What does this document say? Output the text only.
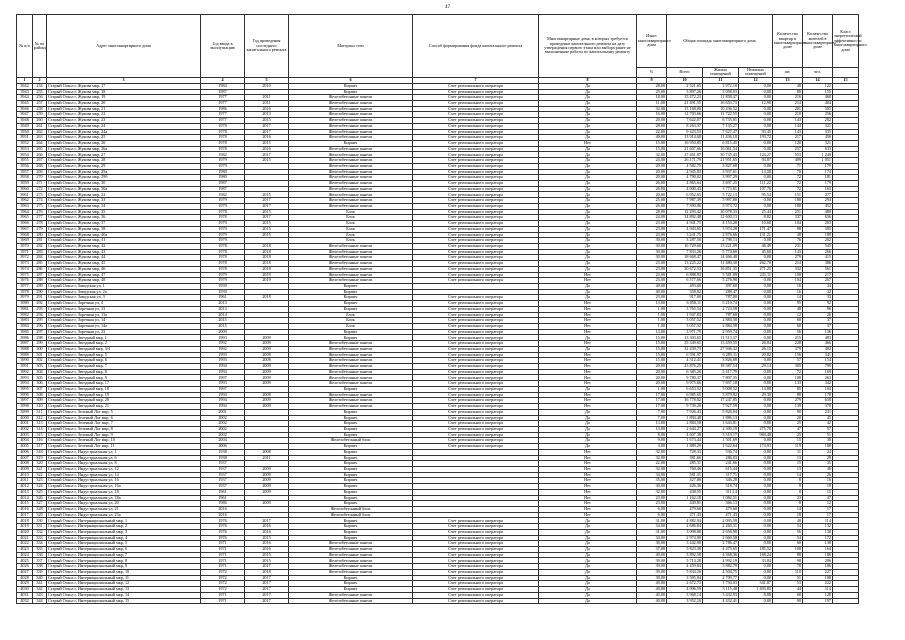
47
№ п/п	№ по району	Адрес многоквартирного дома	Год ввода в эксплуатацию	Год проведения последнего капитального ремонта	Материал стен	Способ формирования фонда капитального ремонта	Многоквартирные дома, в которых требуется проведение капитального ремонта на дату утверждения первого этапа или выбора ранее не выполненные работы по капитальному ремонту	Износ многоквартирного дома	Общая площадь многоквартирного дома			Количество квартир в многоквартирном доме	Количество жителей в многоквартирном доме	Класс энергетической эффективности многоквартирного дома
								%	Всего	Жилых помещений	Нежилых помещений	шт.	чел.	
1	2	3	4	5	6	7	8	9	10	11	12	13	14	15
3942	254	Старый Оскол г, Жукова мкр, 17	1984	2010	Кирпич	Счет регионального оператора	Да	28,00	2 521,65	1 972,10	0,00	48	122	
3943	255	Старый Оскол г, Жукова мкр, 18	1987		Кирпич	Счет регионального оператора	Да	25,00	3 897,26	3 058,03	0,00	80	155	
3944	256	Старый Оскол г, Жукова мкр, 19	1977	2011	Железобетонные панели	Счет регионального оператора	Да	18,00	15 472,23	11 858,47	0,00	216	468	
3945	257	Старый Оскол г, Жукова мкр, 20	1977	2011	Железобетонные панели	Счет регионального оператора	Да	11,00	21 491,55	16 653,73	12,90	214	404	
3946	258	Старый Оскол г, Жукова мкр, 21	1986	2016	Железобетонные панели	Счет регионального оператора	Да	32,00	13 168,00	10 436,52	0,00	201	505	
3947	259	Старый Оскол г, Жукова мкр, 22	1977	2013	Железобетонные панели	Счет регионального оператора	Да	16,00	12 703,66	11 722,55	0,00	210	256	
3948	260	Старый Оскол г, Жукова мкр, 23	1977	2015	Железобетонные панели	Счет регионального оператора	Да	20,00	7 622,07	6 735,01	0,00	143	282	
3949	261	Старый Оскол г, Жукова мкр, 24	1978	2017	Железобетонные панели	Счет регионального оператора	Да	28,00	8 263,37	7 135,27	0,00	144	321	
3950	262	Старый Оскол г, Жукова мкр, 24а	1978	2017	Железобетонные панели	Счет регионального оператора	Да	22,00	9 423,53	7 627,47	93,45	143	335	
3951	263	Старый Оскол г, Жукова мкр, 25	1978	2016	Железобетонные панели	Счет регионального оператора	Да	40,00	13 914,68	11 436,18	193,72	217	456	
3952	264	Старый Оскол г, Жукова мкр, 26	1978	2015	Кирпич	Счет регионального оператора	Нет	15,00	16 950,85	6 815,45	0,00	120	321	
3953	265	Старый Оскол г, Жукова мкр, 26а	1978	2016	Железобетонные панели	Счет регионального оператора	Да	15,00	21 607,66	16 061,54	0,00	257	633	
3954	266	Старый Оскол г, Жукова мкр, 27	1982	2017	Железобетонные панели	Счет регионального оператора	Да	32,00	37 461,87	30 735,43	124,27	553	1 240	
3955	267	Старый Оскол г, Жукова мкр, 28	1979	2015	Железобетонные панели	Счет регионального оператора	Да	24,00	26 171,79	21 951,65	94,87	409	1 051	
3956	268	Старый Оскол г, Жукова мкр, 29	1979		Железобетонные панели	Счет регионального оператора	Да	20,00	4 582,75	3 827,68	0,00	71	179	
3957	269	Старый Оскол г, Жукова мкр, 29а	1980		Железобетонные панели	Счет регионального оператора	Да	20,00	4 945,83	3 937,61	14,58	70	174	
3958	270	Старый Оскол г, Жукова мкр, 29б	1980		Железобетонные панели	Счет регионального оператора	Да	20,00	4 790,02	3 997,29	0,00	72	181	
3959	271	Старый Оскол г, Жукова мкр, 30	1987		Железобетонные панели	Счет регионального оператора	Да	26,00	4 865,64	3 697,25	111,22	72	179	
3960	272	Старый Оскол г, Жукова мкр, 30а	1987		Железобетонные панели	Счет регионального оператора	Да	26,00	4 900,43	3 773,81	107,76	72	163	
3961	273	Старый Оскол г, Жукова мкр, 32	1982	2015	Железобетонные панели	Счет регионального оператора	Да	20,00	6 952,65	5 722,13	95,54	151	277	
3962	274	Старый Оскол г, Жукова мкр, 33	1979	2017	Железобетонные панели	Счет регионального оператора	Да	25,00	7 987,39	5 997,80	0,00	180	294	
3963	275	Старый Оскол г, Жукова мкр, 34	1979	2017	Железобетонные панели	Счет регионального оператора	Да	26,00	7 390,96	5 973,72	0,00	180	452	
3964	276	Старый Оскол г, Жукова мкр, 35	1978	2015	Блок	Счет регионального оператора	Да	28,00	12 293,42	10 078,33	25,44	251	480	
3965	277	Старый Оскол г, Жукова мкр, 36	1978	2017	Блок	Счет регионального оператора	Да	24,00	14 892,48	12 600,13	8,82	337	656	
3966	278	Старый Оскол г, Жукова мкр, 37	1979	2015	Блок	Счет регионального оператора	Да	23,00	4 941,75	4 153,28	10,68	104	203	
3967	279	Старый Оскол г, Жукова мкр, 38	1979	2015	Блок	Счет регионального оператора	Да	23,00	4 943,65	3 974,28	171,47	98	305	
3968	280	Старый Оскол г, Жукова мкр, 40а	1979	2015	Блок	Счет регионального оператора	Да	23,00	3 241,75	2 876,66	131,21	48	189	
3969	281	Старый Оскол г, Жукова мкр, 41	1979		Блок	Счет регионального оператора	Да	30,00	3 287,50	2 798,13	0,00	76	202	
3970	282	Старый Оскол г, Жукова мкр, 42	1978	2018	Железобетонные панели	Счет регионального оператора	Да	30,00	16 729,60	13 221,09	46,49	231	545	
3971	283	Старый Оскол г, Жукова мкр, 43	1978	2018	Железобетонные панели	Счет регионального оператора	Да	30,00	7 833,26	5 774,68	45,60	143	266	
3972	284	Старый Оскол г, Жукова мкр, 44	1978	2018	Железобетонные панели	Счет регионального оператора	Да	30,00	18 668,47	14 466,48	0,00	279	415	
3973	285	Старый Оскол г, Жукова мкр, 45	1978	2018	Железобетонные панели	Счет регионального оператора	Да	23,00	13 225,22	11 480,30	262,70	214	386	
3974	286	Старый Оскол г, Жукова мкр, 46	1978	2018	Железобетонные панели	Счет регионального оператора	Да	23,00	20 672,53	16 851,35	271,25	332	561	
3975	287	Старый Оскол г, Жукова мкр, 47	1979	2019	Железобетонные панели	Счет регионального оператора	Нет	23,00	6 888,93	5 581,09	241,11	100	217	
3976	288	Старый Оскол г, Жукова мкр, 48	1979	2019	Железобетонные панели	Счет регионального оператора	Нет	23,00	6 577,66	5 276,98	0,00	104	267	
3977	289	Старый Оскол г, Заводская ул, 1	1939		Кирпич		Да	40,00	493,60	397,60	0,00	16	34	
3978	290	Старый Оскол г, Заводская ул, 2а	1939		Кирпич		Да	40,00	358,02	288,47	0,00	16	32	
3979	291	Старый Оскол г, Заводская ул, 3	1961	2018	Кирпич	Счет регионального оператора	Да	23,00	917,00	787,00	0,00	14	33	
3980	292	Старый Оскол г, Заречная ул, 4	2013		Кирпич	Счет регионального оператора	Нет	13,00	6 850,11	5 210,74	0,00	95	92	
3981	293	Старый Оскол г, Заречная ул, 13	2013		Кирпич	Счет регионального оператора	Нет	1,00	3 765,54	2 723,58	0,00	48	96	
3982	294	Старый Оскол г, Заречная ул, 13а	2014		Блок	Счет регионального оператора	Нет	1,00	1 947,83	787,60	0,00	12	26	
3983	295	Старый Оскол г, Заречная ул, 14	2015		Блок	Счет регионального оператора	Нет	1,00	3 057,52	2 884,58	0,00	60	37	
3984	296	Старый Оскол г, Заречная ул, 14а	2015		Блок	Счет регионального оператора	Нет	1,00	3 057,52	2 884,58	0,00	60	37	
3985	297	Старый Оскол г, Заречная ул, 23	2009		Кирпич	Счет регионального оператора	Нет	13,00	3 971,79	2 959,74	0,00	56	136	
3986	298	Старый Оскол г, Звездный мкр, 1	1993	2009	Кирпич	Счет регионального оператора	Да	15,00	13 303,65	11 513,37	0,00	215	483	
3987	299	Старый Оскол г, Звездный мкр, 2	1992	2009	Железобетонные панели	Счет регионального оператора	Нет	15,00	35 349,65	13 459,55	26,84	228	466	
3988	300	Старый Оскол г, Звездный мкр, 3/4	1992	2009	Железобетонные панели	Счет регионального оператора	Да	15,00	32 439,73	27 946,32	26,15	379	402	
3989	301	Старый Оскол г, Звездный мкр, 5	1993	2008	Железобетонные панели	Счет регионального оператора	Нет	15,00	6 591,97	6 285,11	20,82	156	341	
3990	302	Старый Оскол г, Звездный мкр, 6	1993	2008	Железобетонные панели	Счет регионального оператора	Нет	15,00	4 312,41	3 826,08	0,00	57	154	
3991	303	Старый Оскол г, Звездный мкр, 7	1994	2009	Железобетонные панели	Счет регионального оператора	Нет	20,00	23 876,25	18 587,54	29,14	305	799	
3992	304	Старый Оскол г, Звездный мкр, 8	1994	2009	Железобетонные панели	Счет регионального оператора	Нет	20,00	6 385,26	5 417,79	0,00	72	169	
3993	305	Старый Оскол г, Звездный мкр, 9	1997	2009	Железобетонные панели	Счет регионального оператора	Нет	20,00	9 780,37	7 807,35	0,00	108	263	
3994	306	Старый Оскол г, Звездный мкр, 17	1993	2009	Железобетонные панели	Счет регионального оператора	Нет	20,00	9 975,66	7 697,18	0,00	133	342	
3995	307	Старый Оскол г, Звездный мкр, 18	1997		Кирпич	Счет регионального оператора	Да	1,00	6 653,52	5 008,52	14,88	85	104	
3996	308	Старый Оскол г, Звездный мкр, 19	1994	2008	Железобетонные панели	Счет регионального оператора	Нет	17,00	6 985,65	5 879,82	29,30	88	178	
3997	309	Старый Оскол г, Звездный мкр, 20	1994	2009	Железобетонные панели	Счет регионального оператора	Нет	17,00	16 778,82	17 247,85	0,00	279	658	
3998	310	Старый Оскол г, Звездный мкр, 21	1994	2009	Железобетонные панели	Счет регионального оператора	Нет	17,00	9 739,20	7 927,59	0,00	139	370	
3999	311	Старый Оскол г, Зеленый Лог мкр, 5	2001		Кирпич	Счет регионального оператора	Да	7,00	7 926,43	5 826,04	0,00	90	231	
4000	312	Старый Оскол г, Зеленый Лог мкр, 6	2002		Кирпич	Счет регионального оператора	Да	7,00	1 894,48	1 886,13	0,00	20	45	
4001	313	Старый Оскол г, Зеленый Лог мкр, 7	2002		Кирпич	Счет регионального оператора	Да	13,00	2 884,58	1 643,81	0,00	25	42	
4002	314	Старый Оскол г, Зеленый Лог мкр, 8	2002		Кирпич	Счет регионального оператора	Да	13,00	2 644,27	2 300,19	275,78	47	57	
4003	315	Старый Оскол г, Зеленый Лог мкр, 9	2002		Кирпич	Счет регионального оператора	Да	8,00	4 607,38	3 319,17	984,48	25	51	
4004	316	Старый Оскол г, Зеленый Лог мкр, 10	2004		Железобетонный блок	Счет регионального оператора	Да	9,00	1 673,44	1 501,69	0,00	15	38	
4005	317	Старый Оскол г, Зеленый Лог мкр, 11	2006		Кирпич	Счет регионального оператора	Да	3,00	1 889,29	1 622,64	174,93	119	188	
4006	318	Старый Оскол г, Индустриальная ул, 1	1938	2008	Кирпич		Нет	32,00	728,33	536,74	0,00	11	24	
4007	319	Старый Оскол г, Индустриальная ул, 6	1938	2011	Кирпич		Нет	32,00	381,66	286,03	0,00	13	29	
4008	320	Старый Оскол г, Индустриальная ул, 8	1937		Кирпич		Нет	22,00	285,31	241,66	0,00	15	35	
4009	321	Старый Оскол г, Индустриальная ул, 12	1937	2009	Кирпич		Нет	32,00	760,46	615,44	0,00	13	46	
4010	322	Старый Оскол г, Индустриальная ул, 14	1937	2009	Кирпич		Нет	34,00	581,31	317,71	0,00	14	26	
4011	323	Старый Оскол г, Индустриальная ул, 16	1937	2009	Кирпич		Нет	35,00	427,80	346,28	0,00	8	16	
4012	324	Старый Оскол г, Индустриальная ул, 16а	1937	2009	Кирпич		Нет	30,00	426,36	318,74	0,00	9	19	
4013	325	Старый Оскол г, Индустриальная ул, 18	1961	2009	Кирпич		Нет	32,00	438,55	311,14	0,00	8	15	
4014	326	Старый Оскол г, Индустриальная ул, 18а	1961		Кирпич		Нет	23,00	1 162,18	1 082,51	0,00	23	47	
4015	327	Старый Оскол г, Индустриальная ул, 20	1986	2009	Кирпич		Нет	23,00	449,81	366,13	0,00	8	12	
4016	328	Старый Оскол г, Индустриальная ул, 21	2016		Железобетонный блок		Нет	6,00	479,60	479,60	0,00	14	17	
4017	329	Старый Оскол г, Индустриальная ул, 23а	2016		Железобетонный блок		Нет	6,00	471,43	471,43	0,00	18	17	
4018	330	Старый Оскол г, Интернациональный мкр, 1	1976	2017	Кирпич	Счет регионального оператора	Да	31,00	4 882,94	2 095,59	0,00	40	114	
4019	331	Старый Оскол г, Интернациональный мкр, 2	1976	2016	Кирпич	Счет регионального оператора	Да	34,00	2 686,84	2 260,31	0,00	54	132	
4020	332	Старый Оскол г, Интернациональный мкр, 3	1976	2016	Кирпич	Счет регионального оператора	Да	31,00	3 098,80	2 656,98	0,00	56	130	
4021	333	Старый Оскол г, Интернациональный мкр, 4	1976	2015	Кирпич	Счет регионального оператора	Да	34,00	2 974,90	2 660,58	0,00	54	172	
4022	334	Старый Оскол г, Интернациональный мкр, 5	1971	2016	Железобетонные панели	Счет регионального оператора	Да	30,00	3 442,00	2 786,47	0,00	60	138	
4023	335	Старый Оскол г, Интернациональный мкр, 6	1971	2016	Железобетонные панели	Счет регионального оператора	Да	37,00	5 823,38	4 475,65	185,52	100	164	
4024	336	Старый Оскол г, Интернациональный мкр, 7	1971	2015	Железобетонные панели	Счет регионального оператора	Да	40,00	3 892,58	4 368,36	168,24	88	186	
4025	337	Старый Оскол г, Интернациональный мкр, 8	1971	2015	Железобетонные панели	Счет регионального оператора	Да	39,00	5 714,28	4 992,19	33,84	98	206	
4026	338	Старый Оскол г, Интернациональный мкр, 9	1971	2017	Железобетонные панели	Счет регионального оператора	Да	39,00	4 459,84	3 882,79	0,00	78	186	
4027	339	Старый Оскол г, Интернациональный мкр, 10	1972	2018	Железобетонные панели	Счет регионального оператора	Да	39,00	5 834,26	4 504,75	0,00	110	227	
4028	340	Старый Оскол г, Интернациональный мкр, 11	1972	2017	Кирпич	Счет регионального оператора	Да	39,00	3 595,94	2 709,77	0,00	51	108	
4029	341	Старый Оскол г, Интернациональный мкр, 12	1972	2017	Кирпич	Счет регионального оператора	Да	40,00	2 672,73	1 794,03	341,87	53	222	
4030	342	Старый Оскол г, Интернациональный мкр, 13	1972	2017	Кирпич	Счет регионального оператора	Да	40,00	4 996,59	3 115,48	1 493,85	44	114	
4031	343	Старый Оскол г, Интернациональный мкр, 14	1971	2017	Железобетонные панели	Счет регионального оператора	Да	40,00	3 968,14	3 432,93	8,80	60	128	
4032	344	Старый Оскол г, Интернациональный мкр, 15	1971	2017	Железобетонные панели	Счет регионального оператора	Да	40,00	3 952,16	4 432,41	0,00	90	197	
